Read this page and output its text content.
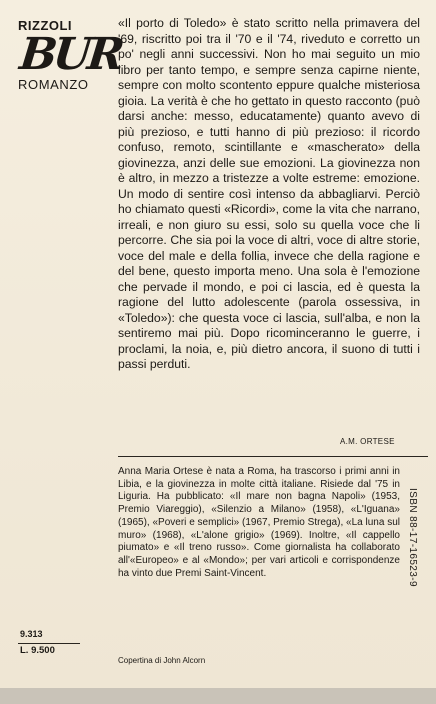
RIZZOLI
BUR
ROMANZO

«Il porto di Toledo» è stato scritto nella primavera del '69, riscritto poi tra il '70 e il '74, riveduto e corretto un po' negli anni successivi. Non ho mai seguito un mio libro per tanto tempo, e sempre senza capirne niente, sempre con molto scontento eppure qualche misteriosa gioia. La verità è che ho gettato in questo racconto (può darsi anche: messo, educatamente) quanto avevo di più prezioso, e tutti hanno di più prezioso: il ricordo confuso, remoto, scintillante e «mascherato» della giovinezza, anzi delle sue emozioni. La giovinezza non è altro, in mezzo a tristezze a volte estreme: emozione. Un modo di sentire così intenso da abbagliarvi. Perciò ho chiamato questi «Ricordi», come la vita che narrano, irreali, e non giuro su essi, solo su quella voce che li percorre. Che sia poi la voce di altri, voce di altre storie, voce del male e della follia, invece che della ragione e del bene, questo importa meno. Una sola è l'emozione che pervade il mondo, e poi ci lascia, ed è questa la ragione del lutto adolescente (parola ossessiva, in «Toledo»): che questa voce ci lascia, sull'alba, e non la sentiremo mai più. Dopo ricominceranno le guerre, i proclami, la noia, e, più dietro ancora, il suono di tutti i passi perduti.

A.M. ORTESE

Anna Maria Ortese è nata a Roma, ha trascorso i primi anni in Libia, e la giovinezza in molte città italiane. Risiede dal '75 in Liguria. Ha pubblicato: «Il mare non bagna Napoli» (1953, Premio Viareggio), «Silenzio a Milano» (1958), «L'Iguana» (1965), «Poveri e semplici» (1967, Premio Strega), «La luna sul muro» (1968), «L'alone grigio» (1969). Inoltre, «Il cappello piumato» e «Il treno russo». Come giornalista ha collaborato all'«Europeo» e al «Mondo»; per vari articoli e corrispondenze ha vinto due Premi Saint-Vincent.	ISBN 88-17-16523-9
9.313
L. 9.500
Copertina di John Alcorn
